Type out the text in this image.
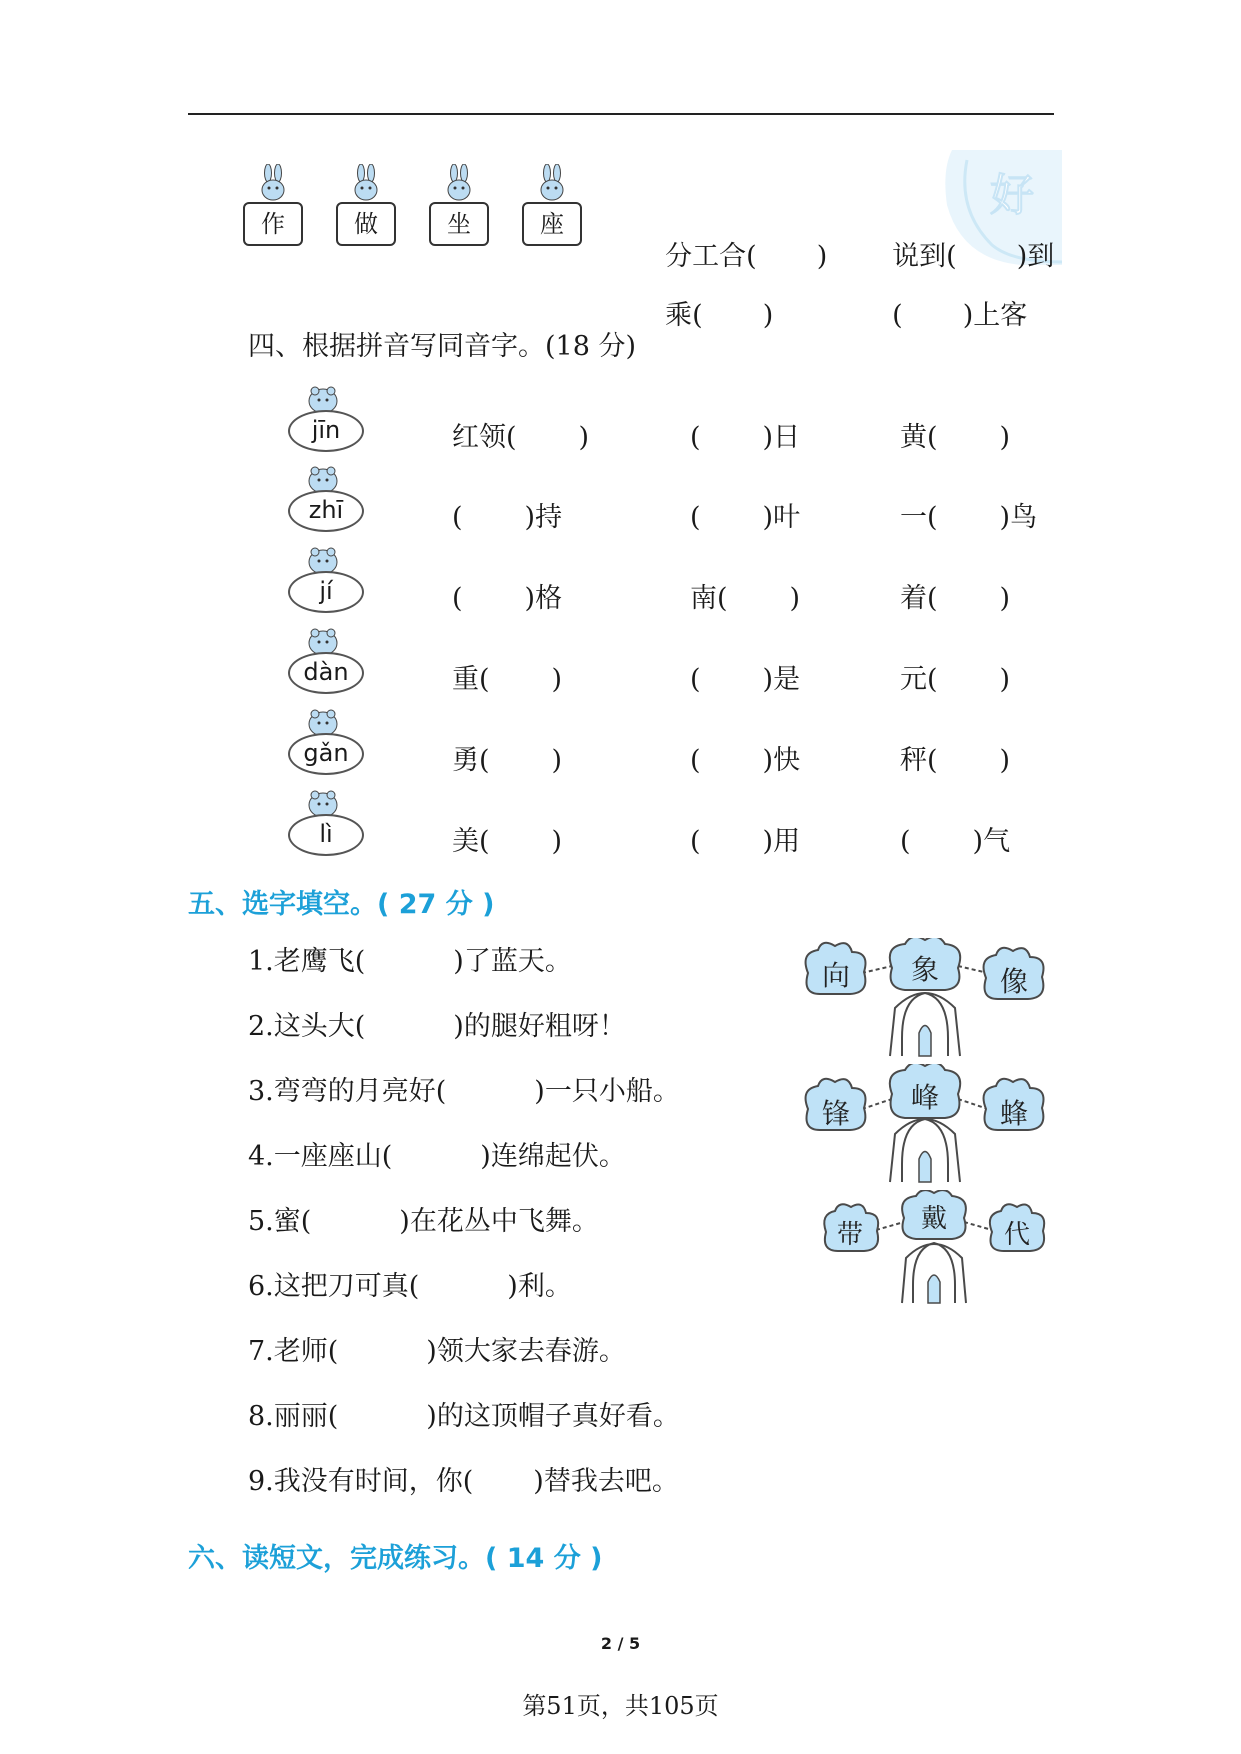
好
作	做	坐	座

分工合( )	说到( )到

乘( )	( )上客

四、根据拼音写同音字。(18 分)
jīn	红领( )	( )日	黄( )
zhī	( )持	( )叶	一( )鸟
jí	( )格	南( )	着( )
dàn	重( )	( )是	元( )
gǎn	勇( )	( )快	秤( )
lì	美( )	( )用	( )气
五、选字填空。( 27 分 )
1.老鹰飞(	)了蓝天。
2.这头大(	)的腿好粗呀！
3.弯弯的月亮好(	)一只小船。
4.一座座山(	)连绵起伏。
5.蜜(	)在花丛中飞舞。
6.这把刀可真(	)利。
7.老师(	)领大家去春游。
8.丽丽(	)的这顶帽子真好看。
9.我没有时间，你( )替我去吧。
向 象 像
锋 峰 蜂
带
戴
代
六、读短文，完成练习。( 14 分 )
2 / 5
第51页，共105页
